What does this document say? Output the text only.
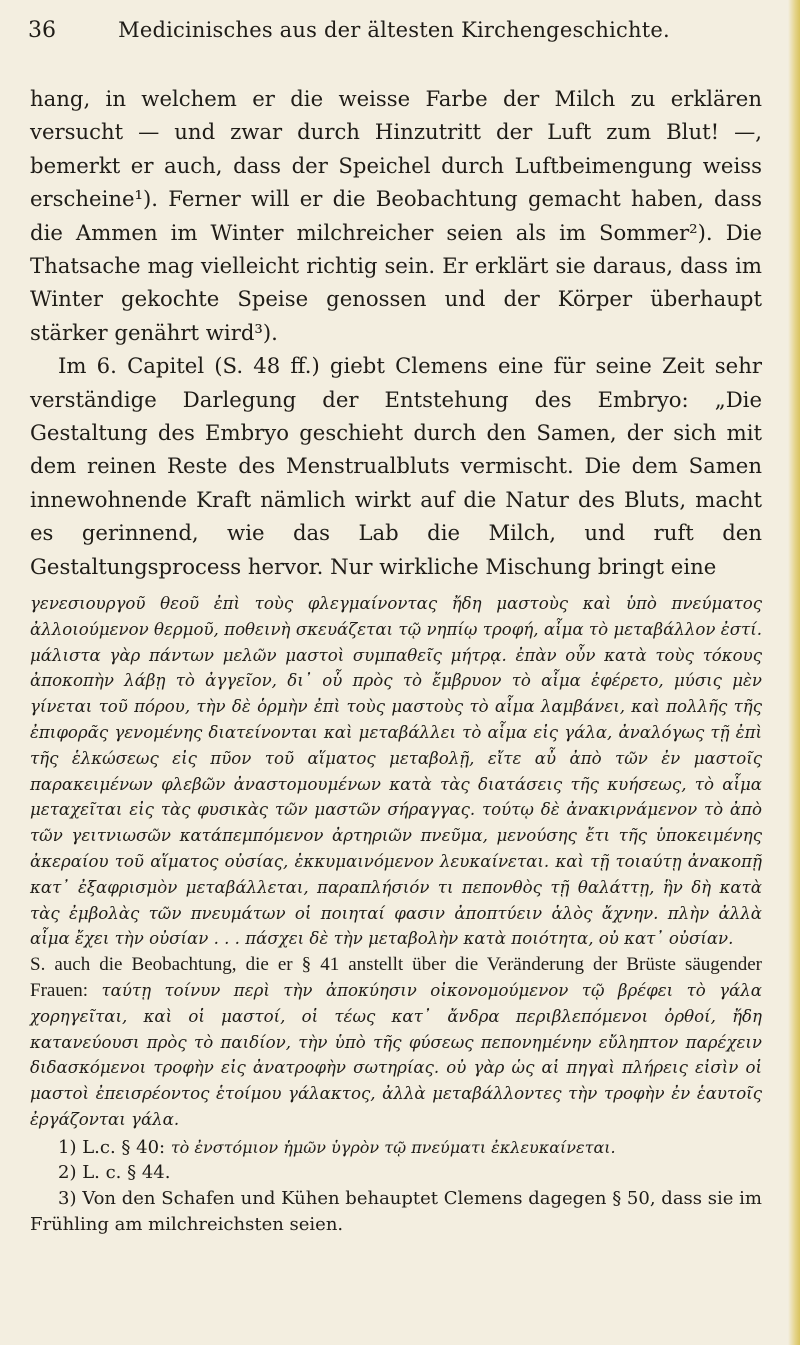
36	Medicinisches aus der ältesten Kirchengeschichte.

hang, in welchem er die weisse Farbe der Milch zu erklären versucht — und zwar durch Hinzutritt der Luft zum Blut! —, bemerkt er auch, dass der Speichel durch Luftbeimengung weiss erscheine¹). Ferner will er die Beobachtung gemacht haben, dass die Ammen im Winter milchreicher seien als im Sommer²). Die Thatsache mag vielleicht richtig sein. Er erklärt sie daraus, dass im Winter gekochte Speise genossen und der Körper überhaupt stärker genährt wird³).

Im 6. Capitel (S. 48 ff.) giebt Clemens eine für seine Zeit sehr verständige Darlegung der Entstehung des Embryo: „Die Gestaltung des Embryo geschieht durch den Samen, der sich mit dem reinen Reste des Menstrualbluts vermischt. Die dem Samen innewohnende Kraft nämlich wirkt auf die Natur des Bluts, macht es gerinnend, wie das Lab die Milch, und ruft den Gestaltungsprocess hervor. Nur wirkliche Mischung bringt eine

γενεσιουργοῦ θεοῦ ἐπὶ τοὺς φλεγμαίνοντας ἤδη μαστοὺς καὶ ὑπὸ πνεύματος ἀλλοιούμενον θερμοῦ, ποθεινὴ σκευάζεται τῷ νηπίῳ τροφή, αἷμα τὸ μεταβάλλον ἐστί. μάλιστα γὰρ πάντων μελῶν μαστοὶ συμπαθεῖς μήτρᾳ. ἐπὰν οὖν κατὰ τοὺς τόκους ἀποκοπὴν λάβῃ τὸ ἀγγεῖον, δι᾽ οὗ πρὸς τὸ ἔμβρυον τὸ αἷμα ἐφέρετο, μύσις μὲν γίνεται τοῦ πόρου, τὴν δὲ ὁρμὴν ἐπὶ τοὺς μαστοὺς τὸ αἷμα λαμβάνει, καὶ πολλῆς τῆς ἐπιφορᾶς γενομένης διατείνονται καὶ μεταβάλλει τὸ αἷμα εἰς γάλα, ἀναλόγως τῇ ἐπὶ τῆς ἑλκώσεως εἰς πῦον τοῦ αἵματος μεταβολῇ, εἴτε αὖ ἀπὸ τῶν ἐν μαστοῖς παρακειμένων φλεβῶν ἀναστομουμένων κατὰ τὰς διατάσεις τῆς κυήσεως, τὸ αἷμα μεταχεῖται εἰς τὰς φυσικὰς τῶν μαστῶν σήραγγας. τούτῳ δὲ ἀνακιρνάμενον τὸ ἀπὸ τῶν γειτνιωσῶν κατάπεμπόμενον ἀρτηριῶν πνεῦμα, μενούσης ἔτι τῆς ὑποκειμένης ἀκεραίου τοῦ αἵματος οὐσίας, ἐκκυμαινόμενον λευκαίνεται. καὶ τῇ τοιαύτῃ ἀνακοπῇ κατ᾽ ἐξαφρισμὸν μεταβάλλεται, παραπλήσιόν τι πεπονθὸς τῇ θαλάττῃ, ἣν δὴ κατὰ τὰς ἐμβολὰς τῶν πνευμάτων οἱ ποιηταί φασιν ἀποπτύειν ἁλὸς ἄχνην. πλὴν ἀλλὰ αἷμα ἔχει τὴν οὐσίαν . . . πάσχει δὲ τὴν μεταβολὴν κατὰ ποιότητα, οὐ κατ᾽ οὐσίαν.

S. auch die Beobachtung, die er § 41 anstellt über die Veränderung der Brüste säugender Frauen: ταύτῃ τοίνυν περὶ τὴν ἀποκύησιν οἰκονομούμενον τῷ βρέφει τὸ γάλα χορηγεῖται, καὶ οἱ μαστοί, οἱ τέως κατ᾽ ἄνδρα περιβλεπόμενοι ὀρθοί, ἤδη κατανεύουσι πρὸς τὸ παιδίον, τὴν ὑπὸ τῆς φύσεως πεπονημένην εὔληπτον παρέχειν διδασκόμενοι τροφὴν εἰς ἀνατροφὴν σωτηρίας. οὐ γὰρ ὡς αἱ πηγαὶ πλήρεις εἰσὶν οἱ μαστοὶ ἐπεισρέοντος ἑτοίμου γάλακτος, ἀλλὰ μεταβάλλοντες τὴν τροφὴν ἐν ἑαυτοῖς ἐργάζονται γάλα.

1) L.c. § 40: τὸ ἐνστόμιον ἡμῶν ὑγρὸν τῷ πνεύματι ἐκλευκαίνεται.

2) L. c. § 44.

3) Von den Schafen und Kühen behauptet Clemens dagegen § 50, dass sie im Frühling am milchreichsten seien.
